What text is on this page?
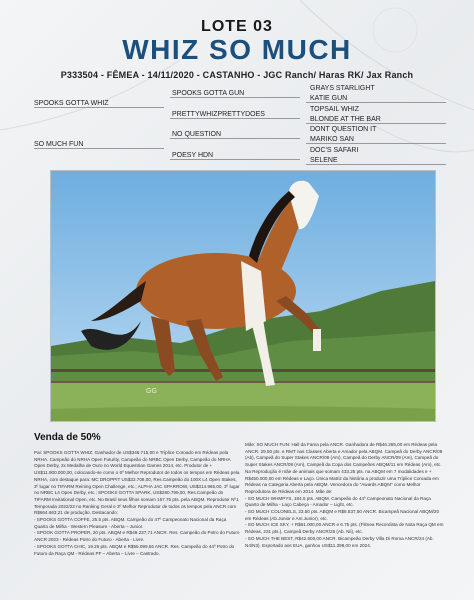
LOTE 03
WHIZ SO MUCH
P333504 - FÊMEA - 14/11/2020 - CASTANHO - JGC Ranch/ Haras RK/ Jax Ranch
SPOOKS GOTTA WHIZ
SO MUCH FUN
SPOOKS GOTTA GUN
PRETTYWHIZPRETTYDOES
NO QUESTION
POESY HDN
GRAYS STARLIGHT
KATIE GUN
TOPSAIL WHIZ
BLONDE AT THE BAR
DONT QUESTION IT
MARIKO SAN
DOC'S SAFARI
SELENE
GG
Venda de 50%

Pai: SPOOKS GOTTA WHIZ: Ganhador de US$346.715,00 e Tríplice Coroado em Rédeas pela NRHA. Campeão do NRHA Open Futurity, Campeão do NRBC Open Derby, Campeão do NRHA Open Derby, 2x Medalha de Ouro no World Equestrian Games 2014, etc. Produtor de + US$11.900.000,00, colocando-se como o 6º Melhor Reprodutor de todos os tempos em Rédeas pela NRHA, com destaque para: MC DROPPIT US$32.708,00, Res.Campeão do 100X L4 Open Stakes, 3º lugar no TIFARM Reining Open Challenge, etc.; ALPHA JAC SPARROW, US$314.965,00, 3º lugar no NRBC L4 Open Derby, etc.; SPOOKS GOTTA SPARK, US$280.799,00, Res.Campeão do TIFARM Invitational Open, etc. No Brasil seus filhos somam 157.75 pts. pela ABQM. Reprodutor Nº1 Temporada 2022/23 no Ranking Geral e 3º Melhor Reprodutor de todos os tempos pela ANCR com R$664.663,21 de produção. Destacando:

- SPOOKS GOTTA COFFE, 25.5 pts. ABQM. Campeão do 47º Campeonato Nacional da Raça Quarto de Milha - Western Pleasure - Aberta – Junior.

- SPOOK GOTTA PROPER, 20 pts. ABQM e R$49.237,71 ANCR. Res. Campeão do Potro do Futuro ANCR 2023 - Rédeas Potro do Futuro - Aberta - Livre.

- SPOOKS GOTTA CHIC, 19.25 pts. ABQM e R$55.099,56 ANCR. Res. Campeão do 44º Potro do Futuro da Raça QM - Rédeas PF – Aberta – Livre – Castrado.

Mãe: SO MUCH FUN: Hall da Fama pela ANCR. Ganhadora de R$46.265,00 em Rédeas pela ANCR. 29.50 pts. e RMT nas Classes Aberta e Amador pela ABQM. Campeã do Derby ANCR/09 (Ab), Campeã do Super Stakes ANCR/08 (Am), Campeã do Derby ANCR/09 (Am), Campeã do Super Stakes ANCR/08 (Am), Campeã da Copa dos Campeões ABQM/11 em Rédeas (Am), etc. Na Reprodução é mãe de animais que somam 433.25 pts. na ABQM em 7 modalidades e + R$450.000,00 em Rédeas e Laço. Única Matriz da história a produzir uma Tríplice Coroada em Rédeas na Categoria Aberta pela ABQM. Vencedora do "Awards ABQM" como Melhor Reprodutora de Rédeas em 2014. Mãe de:

- SO MUCH WHMPYS, 184.5 pts. ABQM. Campeão do 44º Campeonato Nacional da Raça Quarto de Milha - Laço Cabeça - Amador – Light, etc.

- SO MUCH COLONELS, 23.50 pts. ABQM e R$8.837,50 ANCR. Bicampeã Nacional ABQM/20 em Rédeas (Ab.Junior e Am.Junior), etc.

- SO MUCH ICE SKY, + R$61.000,00 ANCR e 6.75 pts. (Filmea Recordista de Nota Raça QM em Rédeas, 231 pts.), Campeã Derby ANCR/25 (Ab. Nii), etc.

- SO MUCH THE BEST, R$42.600,00 ANCR. Bicampeão Derby Villa Di Roma ANCR/24 (Ab. N4/N3). Exportado aos EUA, ganhou US$11.398,00 em 2024.
